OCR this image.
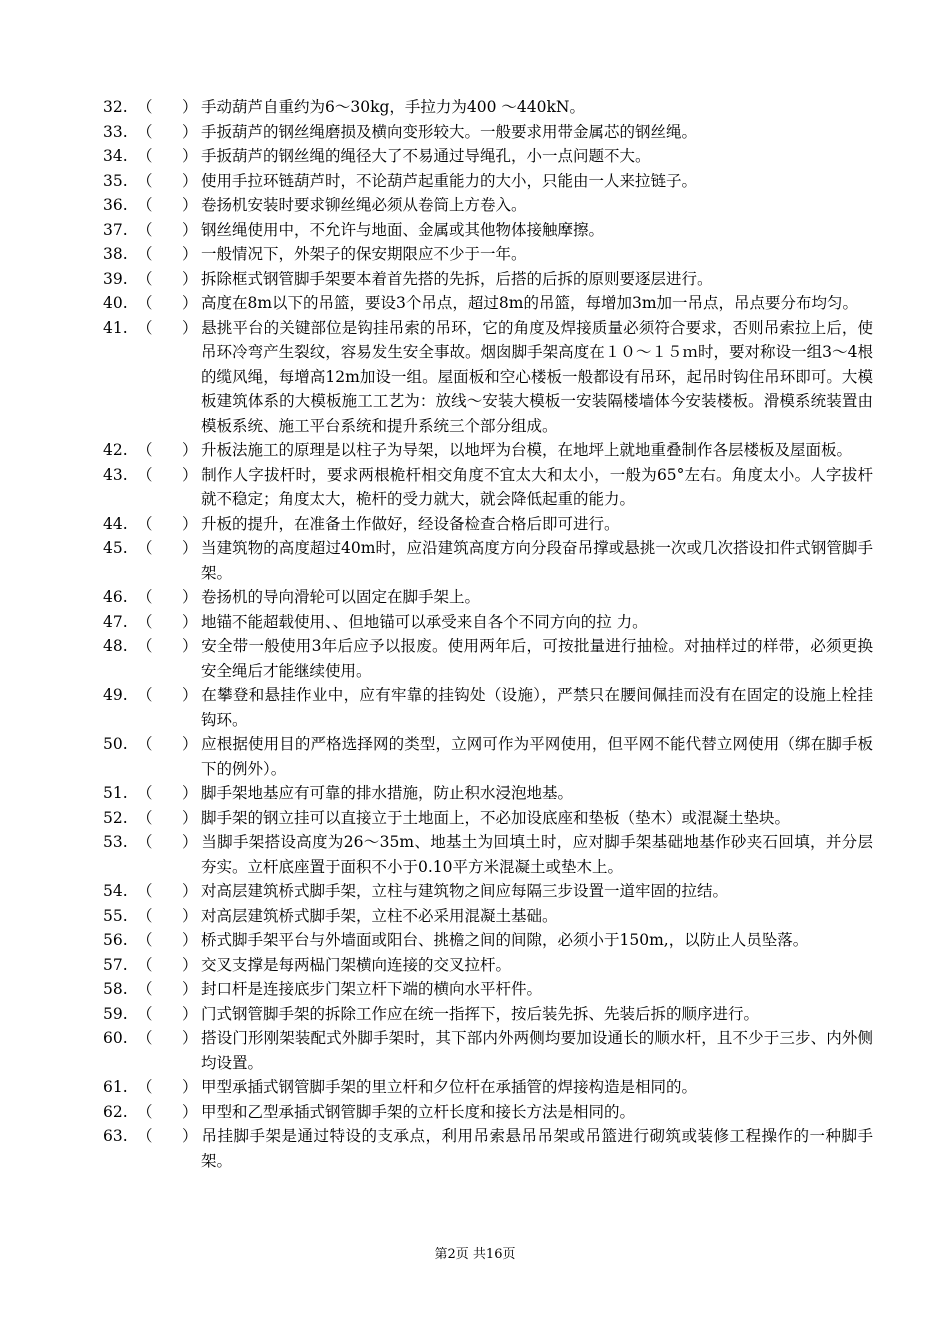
32. （      ） 手动葫芦自重约为6～30kg，手拉力为400 ～440kN。
33. （      ） 手扳葫芦的钢丝绳磨损及横向变形较大。一般要求用带金属芯的钢丝绳。
34. （      ） 手扳葫芦的钢丝绳的绳径大了不易通过导绳孔，小一点问题不大。
35. （      ） 使用手拉环链葫芦时，不论葫芦起重能力的大小，只能由一人来拉链子。
36. （      ） 卷扬机安装时要求铆丝绳必须从卷筒上方卷入。
37. （      ） 钢丝绳使用中，不允许与地面、金属或其他物体接触摩擦。
38. （      ） 一般情况下，外架子的保安期限应不少于一年。
39. （      ） 拆除框式钢管脚手架要本着首先搭的先拆，后搭的后拆的原则要逐层进行。
40. （      ） 高度在8m以下的吊篮，要设3个吊点，超过8m的吊篮，每增加3m加一吊点，吊点要分布均匀。
41. （      ） 悬挑平台的关键部位是钩挂吊索的吊环，它的角度及焊接质量必须符合要求，否则吊索拉上后，使吊环冷弯产生裂纹，容易发生安全事故。烟囱脚手架高度在１０～１５ｍ时，要对称设一组3～4根的缆风绳，每增高12m加设一组。屋面板和空心楼板一般都设有吊环，起吊时钩住吊环即可。大模板建筑体系的大模板施工工艺为：放线～安装大模板一安装隔楼墙体今安装楼板。滑模系统装置由模板系统、施工平台系统和提升系统三个部分组成。
42. （      ） 升板法施工的原理是以柱子为导架，以地坪为台模，在地坪上就地重叠制作各层楼板及屋面板。
43. （      ） 制作人字拔杆时，要求两根桅杆相交角度不宜太大和太小，一般为65°左右。角度太小。人字拔杆就不稳定；角度太大，桅杆的受力就大，就会降低起重的能力。
44. （      ） 升板的提升，在准备土作做好，经设备检查合格后即可进行。
45. （      ） 当建筑物的高度超过40m时，应沿建筑高度方向分段奋吊撑或悬挑一次或几次搭设扣件式钢管脚手架。
46. （      ） 卷扬机的导向滑轮可以固定在脚手架上。
47. （      ） 地锚不能超载使用、、但地锚可以承受来自各个不同方向的拉 力。
48. （      ） 安全带一般使用3年后应予以报废。使用两年后，可按批量进行抽检。对抽样过的样带，必须更换安全绳后才能继续使用。
49. （      ） 在攀登和悬挂作业中，应有牢靠的挂钩处（设施），严禁只在腰间佩挂而没有在固定的设施上栓挂钩环。
50. （      ） 应根据使用目的严格选择网的类型，立网可作为平网使用，但平网不能代替立网使用（绑在脚手板下的例外）。
51. （      ） 脚手架地基应有可靠的排水措施，防止积水浸泡地基。
52. （      ） 脚手架的钢立挂可以直接立于土地面上，不必加设底座和垫板（垫木）或混凝土垫块。
53. （      ） 当脚手架搭设高度为26～35m、地基土为回填土时，应对脚手架基础地基作砂夹石回填，并分层夯实。立杆底座置于面积不小于0.10平方米混凝土或垫木上。
54. （      ） 对高层建筑桥式脚手架，立柱与建筑物之间应每隔三步设置一道牢固的拉结。
55. （      ） 对高层建筑桥式脚手架，立柱不必采用混凝土基础。
56. （      ） 桥式脚手架平台与外墙面或阳台、挑檐之间的间隙，必须小于150m,，以防止人员坠落。
57. （      ） 交叉支撑是每两榀门架横向连接的交叉拉杆。
58. （      ） 封口杆是连接底步门架立杆下端的横向水平杆件。
59. （      ） 门式钢管脚手架的拆除工作应在统一指挥下，按后装先拆、先装后拆的顺序进行。
60. （      ） 搭设门形刚架装配式外脚手架时，其下部内外两侧均要加设通长的顺水杆，且不少于三步、内外侧均设置。
61. （      ） 甲型承插式钢管脚手架的里立杆和夕位杆在承插管的焊接构造是相同的。
62. （      ） 甲型和乙型承插式钢管脚手架的立杆长度和接长方法是相同的。
63. （      ） 吊挂脚手架是通过特设的支承点，利用吊索悬吊吊架或吊篮进行砌筑或装修工程操作的一种脚手架。
第2页 共16页
